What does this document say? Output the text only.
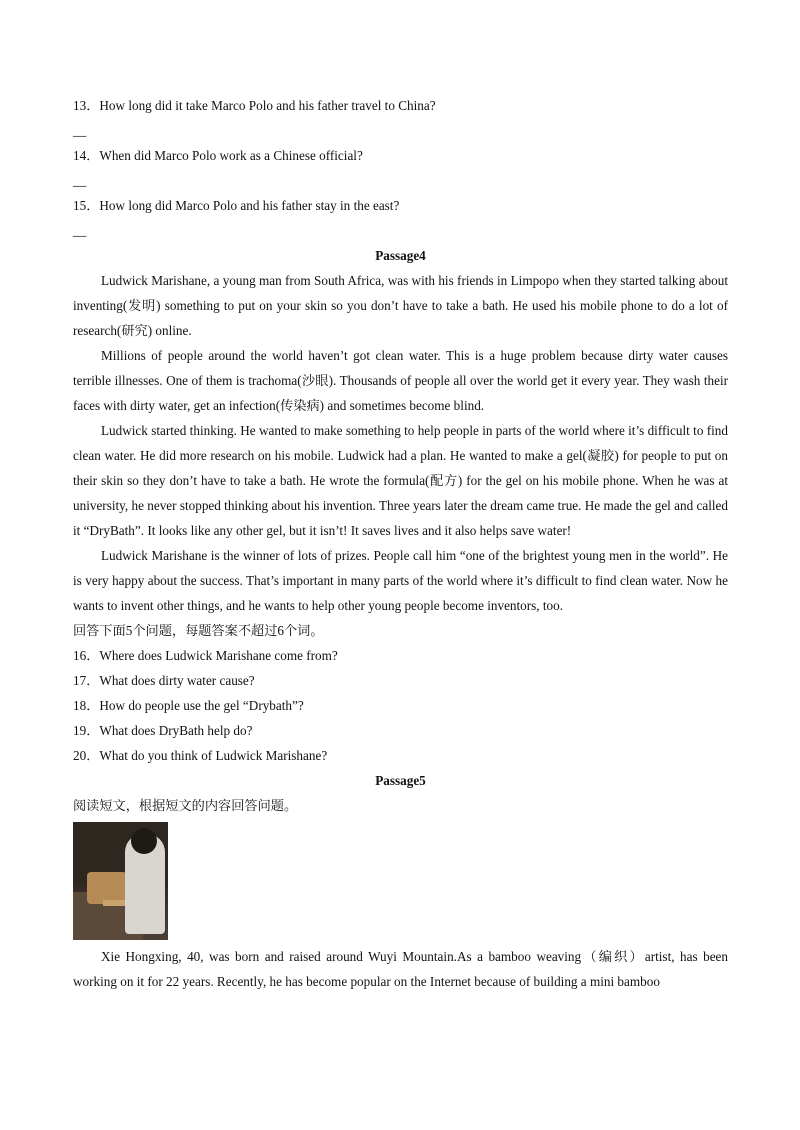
13．How long did it take Marco Polo and his father travel to China?
__
14．When did Marco Polo work as a Chinese official?
__
15．How long did Marco Polo and his father stay in the east?
__
Passage4

Ludwick Marishane, a young man from South Africa, was with his friends in Limpopo when they started talking about inventing(发明) something to put on your skin so you don’t have to take a bath. He used his mobile phone to do a lot of research(研究) online.

Millions of people around the world haven’t got clean water. This is a huge problem because dirty water causes terrible illnesses. One of them is trachoma(沙眼). Thousands of people all over the world get it every year. They wash their faces with dirty water, get an infection(传染病) and sometimes become blind.

Ludwick started thinking. He wanted to make something to help people in parts of the world where it’s difficult to find clean water. He did more research on his mobile. Ludwick had a plan. He wanted to make a gel(凝胶) for people to put on their skin so they don’t have to take a bath. He wrote the formula(配方) for the gel on his mobile phone. When he was at university, he never stopped thinking about his invention. Three years later the dream came true. He made the gel and called it “DryBath”. It looks like any other gel, but it isn’t! It saves lives and it also helps save water!

Ludwick Marishane is the winner of lots of prizes. People call him “one of the brightest young men in the world”. He is very happy about the success. That’s important in many parts of the world where it’s difficult to find clean water. Now he wants to invent other things, and he wants to help other young people become inventors, too.

回答下面5个问题，每题答案不超过6个词。
16．Where does Ludwick Marishane come from?
17．What does dirty water cause?
18．How do people use the gel “Drybath”?
19．What does DryBath help do?
20．What do you think of Ludwick Marishane?
Passage5
阅读短文，根据短文的内容回答问题。

Xie Hongxing, 40, was born and raised around Wuyi Mountain.As a bamboo weaving（编织）artist, has been working on it for 22 years. Recently, he has become popular on the Internet because of building a mini bamboo
